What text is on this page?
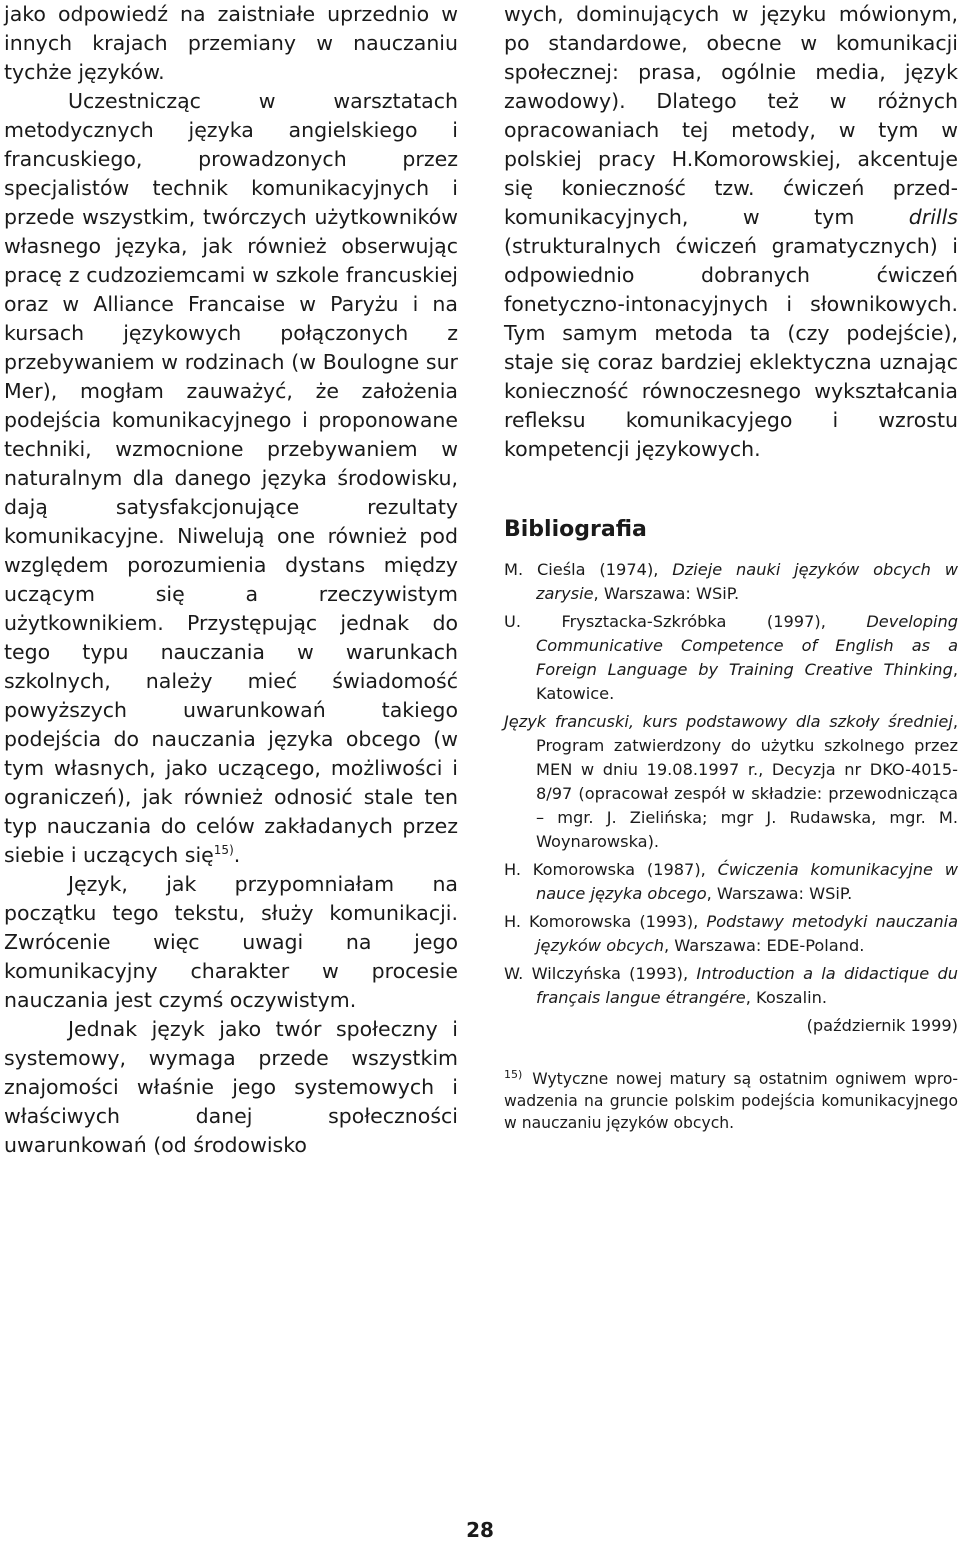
jako odpowiedź na zaistniałe uprzednio w innych krajach przemiany w nauczaniu tychże języków.

Uczestnicząc w warsztatach metodycznych języka angielskiego i francuskiego, prowadzonych przez specjalistów technik komunikacyjnych i przede wszystkim, twórczych użytkowników własnego języka, jak również obserwując pracę z cudzoziemcami w szkole francuskiej oraz w Alliance Francaise w Paryżu i na kursach językowych połączonych z przebywaniem w rodzinach (w Boulogne sur Mer), mogłam zauważyć, że założenia podejścia komunikacyjnego i proponowane techniki, wzmocnione przebywaniem w naturalnym dla danego języka środowisku, dają satysfakcjonujące rezultaty komunikacyjne. Niwelują one również pod względem porozumienia dystans między uczącym się a rzeczywistym użytkownikiem. Przystępując jednak do tego typu nauczania w warunkach szkolnych, należy mieć świadomość powyższych uwarunkowań takiego podejścia do nauczania języka obcego (w tym własnych, jako uczącego, możliwości i ograniczeń), jak również odnosić stale ten typ nauczania do celów zakładanych przez siebie i uczących się$^{15)}$.

Język, jak przypomniałam na początku tego tekstu, służy komunikacji. Zwrócenie więc uwagi na jego komunikacyjny charakter w procesie nauczania jest czymś oczywistym.

Jednak język jako twór społeczny i systemowy, wymaga przede wszystkim znajomości właśnie jego systemowych i właściwych danej społeczności uwarunkowań (od środowisko

wych, dominujących w języku mówionym, po standardowe, obecne w komunikacji społecznej: prasa, ogólnie media, język zawodowy). Dlatego też w różnych opracowaniach tej metody, w tym w polskiej pracy H.Komorowskiej, akcentuje się konieczność tzw. ćwiczeń przedkomunikacyjnych, w tym drills (strukturalnych ćwiczeń gramatycznych) i odpowiednio dobranych ćwiczeń fonetyczno-intonacyjnych i słownikowych. Tym samym metoda ta (czy podejście), staje się coraz bardziej eklektyczna uznając konieczność równoczesnego wykształcania refleksu komunikacyjego i wzrostu kompetencji językowych.

Bibliografia
M. Cieśla (1974), Dzieje nauki języków obcych w zarysie, Warszawa: WSiP.
U. Frysztacka-Szkróbka (1997), Developing Communicative Competence of English as a Foreign Language by Training Creative Thinking, Katowice.
Język francuski, kurs podstawowy dla szkoły średniej, Program zatwierdzony do użytku szkolnego przez MEN w dniu 19.08.1997 r., Decyzja nr DKO-4015-8/97 (opracował zespół w składzie: przewodnicząca – mgr. J. Zielińska; mgr J. Rudawska, mgr. M. Woynarowska).
H. Komorowska (1987), Ćwiczenia komunikacyjne w nauce języka obcego, Warszawa: WSiP.
H. Komorowska (1993), Podstawy metodyki nauczania języków obcych, Warszawa: EDE-Poland.
W. Wilczyńska (1993), Introduction a la didactique du français langue étrangére, Koszalin.

(październik 1999)

$^{15)}$ Wytyczne nowej matury są ostatnim ogniwem wprowadzenia na gruncie polskim podejścia komunikacyjnego w nauczaniu języków obcych.

28
